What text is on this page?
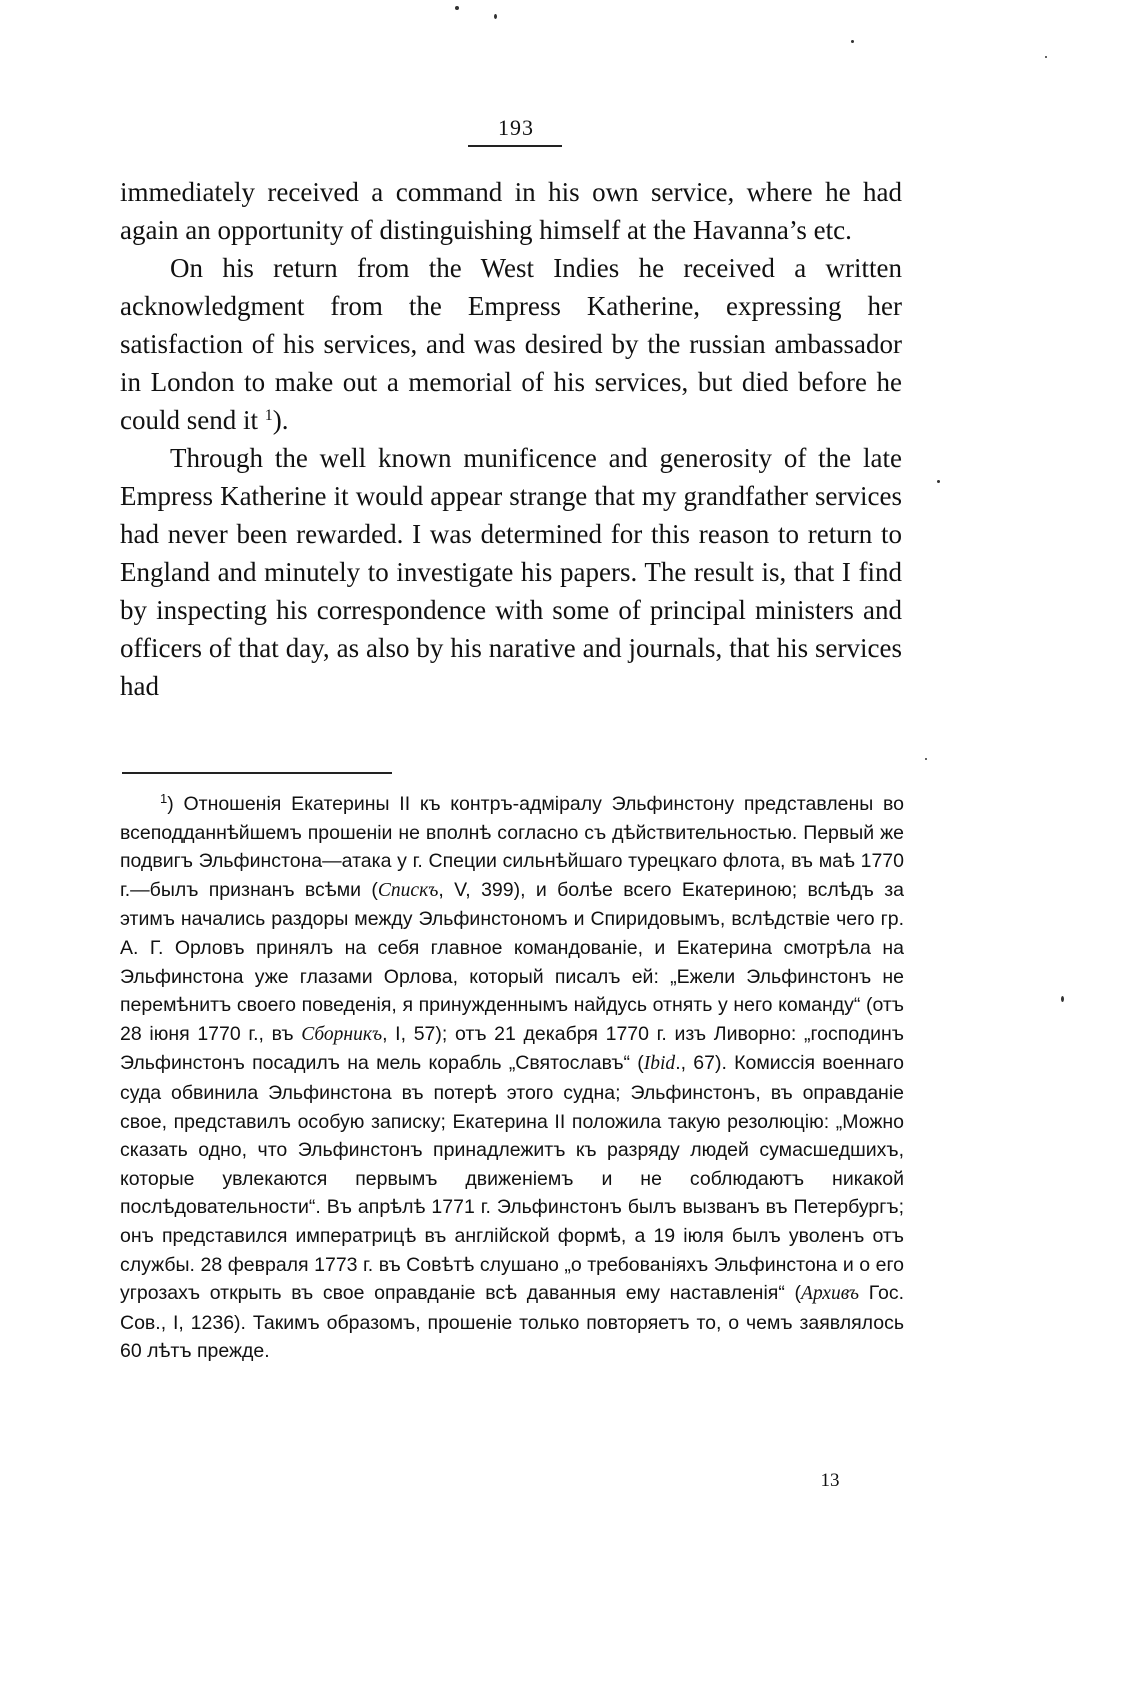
193

immediately received a command in his own service, where he had again an opportunity of distinguishing himself at the Havanna’s etc.

On his return from the West Indies he received a written acknowledgment from the Empress Katherine, expressing her satisfaction of his services, and was desired by the russian ambassador in London to make out a memorial of his services, but died before he could send it $^1$).

Through the well known munificence and generosity of the late Empress Katherine it would appear strange that my grandfather services had never been rewarded. I was determined for this reason to return to England and minutely to investigate his papers. The result is, that I find by inspecting his correspondence with some of principal ministers and officers of that day, as also by his narative and journals, that his services had

$^1$) Отношенія Екатерины II къ контръ-адміралу Эльфинстону представлены во всеподданнѣйшемъ прошеніи не вполнѣ согласно съ дѣйствительностью. Первый же подвигъ Эльфинстона—атака у г. Специи сильнѣйшаго турецкаго флота, въ маѣ 1770 г.—былъ признанъ всѣми (Спискъ, V, 399), и болѣе всего Екатериною; вслѣдъ за этимъ начались раздоры между Эльфинстономъ и Спиридовымъ, вслѣдствіе чего гр. А. Г. Орловъ принялъ на себя главное командованіе, и Екатерина смотрѣла на Эльфинстона уже глазами Орлова, который писалъ ей: „Ежели Эльфинстонъ не перемѣнитъ своего поведенія, я принужденнымъ найдусь отнять у него команду“ (отъ 28 іюня 1770 г., въ Сборникъ, I, 57); отъ 21 декабря 1770 г. изъ Ливорно: „господинъ Эльфинстонъ посадилъ на мель корабль „Святославъ“ (Ibid., 67). Комиссія военнаго суда обвинила Эльфинстона въ потерѣ этого судна; Эльфинстонъ, въ оправданіе свое, представилъ особую записку; Екатерина II положила такую резолюцію: „Можно сказать одно, что Эльфинстонъ принадлежитъ къ разряду людей сумасшедшихъ, которые увлекаются первымъ движеніемъ и не соблюдаютъ никакой послѣдовательности“. Въ апрѣлѣ 1771 г. Эльфинстонъ былъ вызванъ въ Петербургъ; онъ представился императрицѣ въ англійской формѣ, а 19 іюля былъ уволенъ отъ службы. 28 февраля 1773 г. въ Совѣтѣ слушано „о требованіяхъ Эльфинстона и о его угрозахъ открыть въ свое оправданіе всѣ даванныя ему наставленія“ (Архивъ Гос. Сов., I, 1236). Такимъ образомъ, прошеніе только повторяетъ то, о чемъ заявлялось 60 лѣтъ прежде.

13
